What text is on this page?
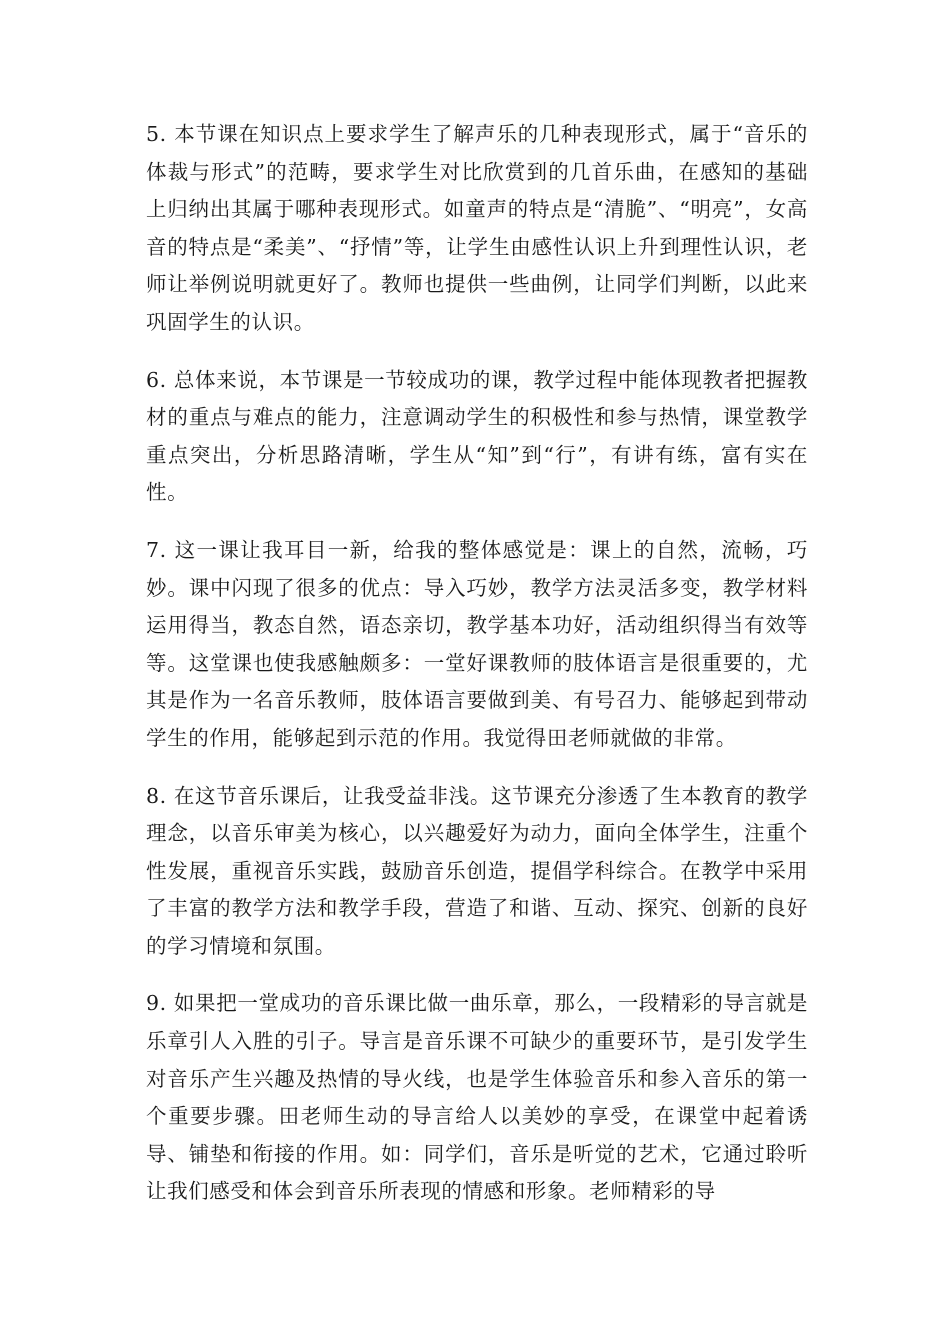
5. 本节课在知识点上要求学生了解声乐的几种表现形式，属于“音乐的体裁与形式”的范畴，要求学生对比欣赏到的几首乐曲，在感知的基础上归纳出其属于哪种表现形式。如童声的特点是“清脆”、“明亮”，女高音的特点是“柔美”、“抒情”等，让学生由感性认识上升到理性认识，老师让举例说明就更好了。教师也提供一些曲例，让同学们判断，以此来巩固学生的认识。

6. 总体来说，本节课是一节较成功的课，教学过程中能体现教者把握教材的重点与难点的能力，注意调动学生的积极性和参与热情，课堂教学重点突出，分析思路清晰，学生从“知”到“行”，有讲有练，富有实在性。

7. 这一课让我耳目一新，给我的整体感觉是：课上的自然，流畅，巧妙。课中闪现了很多的优点：导入巧妙，教学方法灵活多变，教学材料运用得当，教态自然，语态亲切，教学基本功好，活动组织得当有效等等。这堂课也使我感触颇多：一堂好课教师的肢体语言是很重要的，尤其是作为一名音乐教师，肢体语言要做到美、有号召力、能够起到带动学生的作用，能够起到示范的作用。我觉得田老师就做的非常。

8. 在这节音乐课后，让我受益非浅。这节课充分渗透了生本教育的教学理念，以音乐审美为核心，以兴趣爱好为动力，面向全体学生，注重个性发展，重视音乐实践，鼓励音乐创造，提倡学科综合。在教学中采用了丰富的教学方法和教学手段，营造了和谐、互动、探究、创新的良好的学习情境和氛围。

9. 如果把一堂成功的音乐课比做一曲乐章，那么，一段精彩的导言就是乐章引人入胜的引子。导言是音乐课不可缺少的重要环节，是引发学生对音乐产生兴趣及热情的导火线，也是学生体验音乐和参入音乐的第一个重要步骤。田老师生动的导言给人以美妙的享受，在课堂中起着诱导、铺垫和衔接的作用。如：同学们，音乐是听觉的艺术，它通过聆听让我们感受和体会到音乐所表现的情感和形象。老师精彩的导
